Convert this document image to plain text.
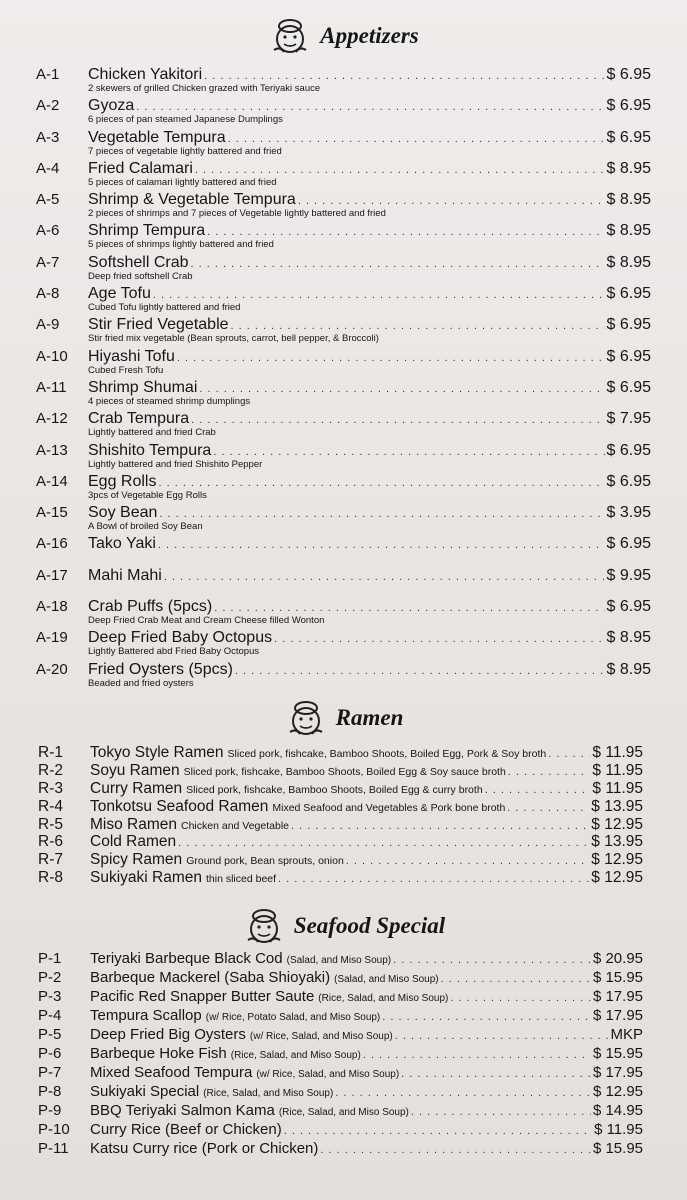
Appetizers
A-1	Chicken Yakitori . . .	$ 6.95
2 skewers of grilled Chicken grazed with Teriyaki sauce
A-2	Gyoza . . .	$ 6.95
6 pieces of pan steamed Japanese Dumplings
A-3	Vegetable Tempura . . .	$ 6.95
7 pieces of vegetable lightly battered and fried
A-4	Fried Calamari . . .	$ 8.95
5 pieces of calamari lightly battered and fried
A-5	Shrimp & Vegetable Tempura . . .	$ 8.95
2 pieces of shrimps and 7 pieces of Vegetable lightly battered and fried
A-6	Shrimp Tempura . . .	$ 8.95
5 pieces of shrimps lightly battered and fried
A-7	Softshell Crab . . .	$ 8.95
Deep fried softshell Crab
A-8	Age Tofu . . .	$ 6.95
Cubed Tofu lightly battered and fried
A-9	Stir Fried Vegetable . . .	$ 6.95
Stir fried mix vegetable (Bean sprouts, carrot, bell pepper, & Broccoli)
A-10	Hiyashi Tofu . . .	$ 6.95
Cubed Fresh Tofu
A-11	Shrimp Shumai . . .	$ 6.95
4 pieces of steamed shrimp dumplings
A-12	Crab Tempura . . .	$ 7.95
Lightly battered and fried Crab
A-13	Shishito Tempura . . .	$ 6.95
Lightly battered and fried Shishito Pepper
A-14	Egg Rolls . . .	$ 6.95
3pcs of Vegetable Egg Rolls
A-15	Soy Bean . . .	$ 3.95
A Bowl of broiled Soy Bean
A-16	Tako Yaki . . .	$ 6.95
A-17	Mahi Mahi . . .	$ 9.95
A-18	Crab Puffs (5pcs) . . .	$ 6.95
Deep Fried Crab Meat and Cream Cheese filled Wonton
A-19	Deep Fried Baby Octopus . . .	$ 8.95
Lightly Battered abd Fried Baby Octopus
A-20	Fried Oysters (5pcs) . . .	$ 8.95
Beaded and fried oysters
Ramen
R-1	Tokyo Style Ramen Sliced pork, fishcake, Bamboo Shoots, Boiled Egg, Pork & Soy broth . . .	$ 11.95
R-2	Soyu Ramen Sliced pork, fishcake, Bamboo Shoots, Boiled Egg & Soy sauce broth . . .	$ 11.95
R-3	Curry Ramen Sliced pork, fishcake, Bamboo Shoots, Boiled Egg & curry broth . . .	$ 11.95
R-4	Tonkotsu Seafood Ramen Mixed Seafood and Vegetables & Pork bone broth . . .	$ 13.95
R-5	Miso Ramen Chicken and Vegetable . . .	$ 12.95
R-6	Cold Ramen . . .	$ 13.95
R-7	Spicy Ramen Ground pork, Bean sprouts, onion . . .	$ 12.95
R-8	Sukiyaki Ramen thin sliced beef . . .	$ 12.95
Seafood Special
P-1	Teriyaki Barbeque Black Cod (Salad, and Miso Soup) . . .	$ 20.95
P-2	Barbeque Mackerel (Saba Shioyaki) (Salad, and Miso Soup) . . .	$ 15.95
P-3	Pacific Red Snapper Butter Saute (Rice, Salad, and Miso Soup) . . .	$ 17.95
P-4	Tempura Scallop (w/ Rice, Potato Salad, and Miso Soup) . . .	$ 17.95
P-5	Deep Fried Big Oysters (w/ Rice, Salad, and Miso Soup) . . .	MKP
P-6	Barbeque Hoke Fish (Rice, Salad, and Miso Soup) . . .	$ 15.95
P-7	Mixed Seafood Tempura (w/ Rice, Salad, and Miso Soup) . . .	$ 17.95
P-8	Sukiyaki Special (Rice, Salad, and Miso Soup) . . .	$ 12.95
P-9	BBQ Teriyaki Salmon Kama (Rice, Salad, and Miso Soup) . . .	$ 14.95
P-10	Curry Rice (Beef or Chicken) . . .	$ 11.95
P-11	Katsu Curry rice (Pork or Chicken) . . .	$ 15.95
